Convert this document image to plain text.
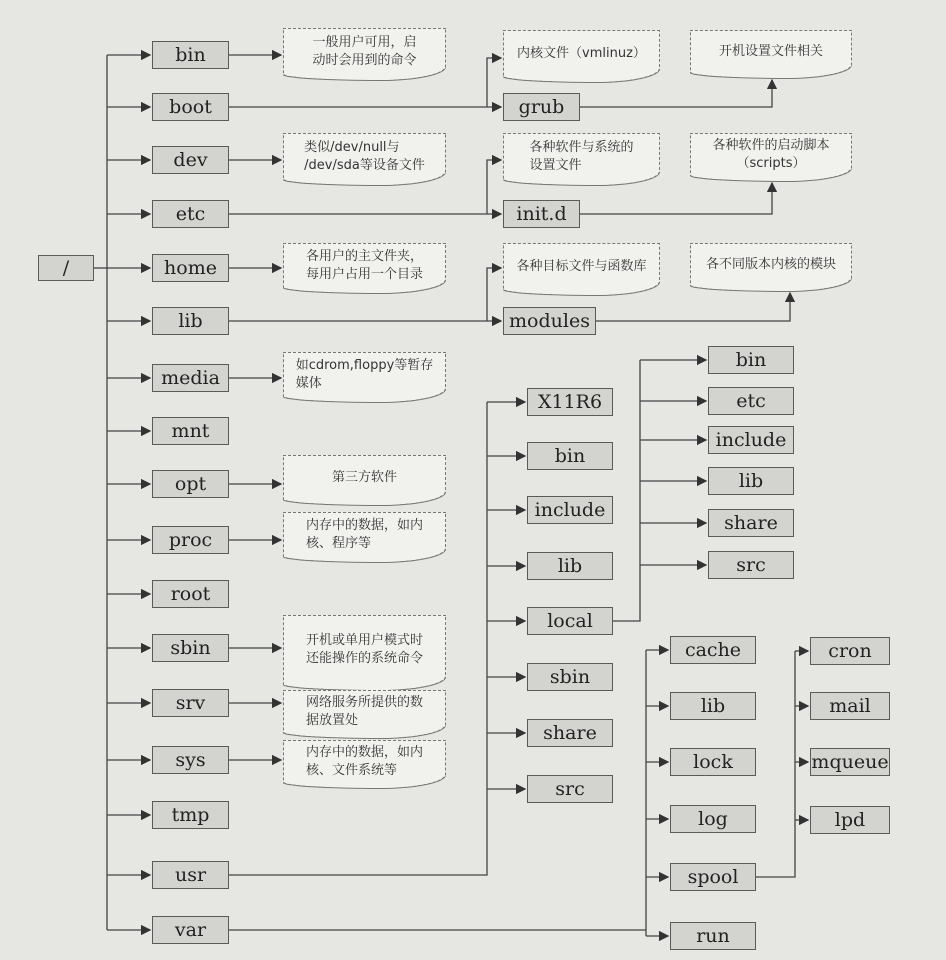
/
bin
一般用户可用，启
动时会用到的命令
boot
dev
类似/dev/null与
/dev/sda等设备文件
etc
home
各用户的主文件夹，
每用户占用一个目录
lib
media
如cdrom,floppy等暂存
媒体
mnt
opt	第三方软件
proc
内存中的数据，如内
核、程序等
root
sbin	开机或单用户模式时
还能操作的系统命令
srv	网络服务所提供的数
据放置处
sys	内存中的数据，如内
核、文件系统等
tmp
usr
var
内核文件（vmlinuz）
grub
开机设置文件相关
各种软件与系统的
设置文件
init.d
各种软件的启动脚本
（scripts）
各种目标文件与函数库
modules
各不同版本内核的模块
X11R6
bin
include
lib
local
sbin
share
src
bin
etc
include
lib
share
src
cache
lib
lock
log
spool
run
cron
mail
mqueue
lpd
